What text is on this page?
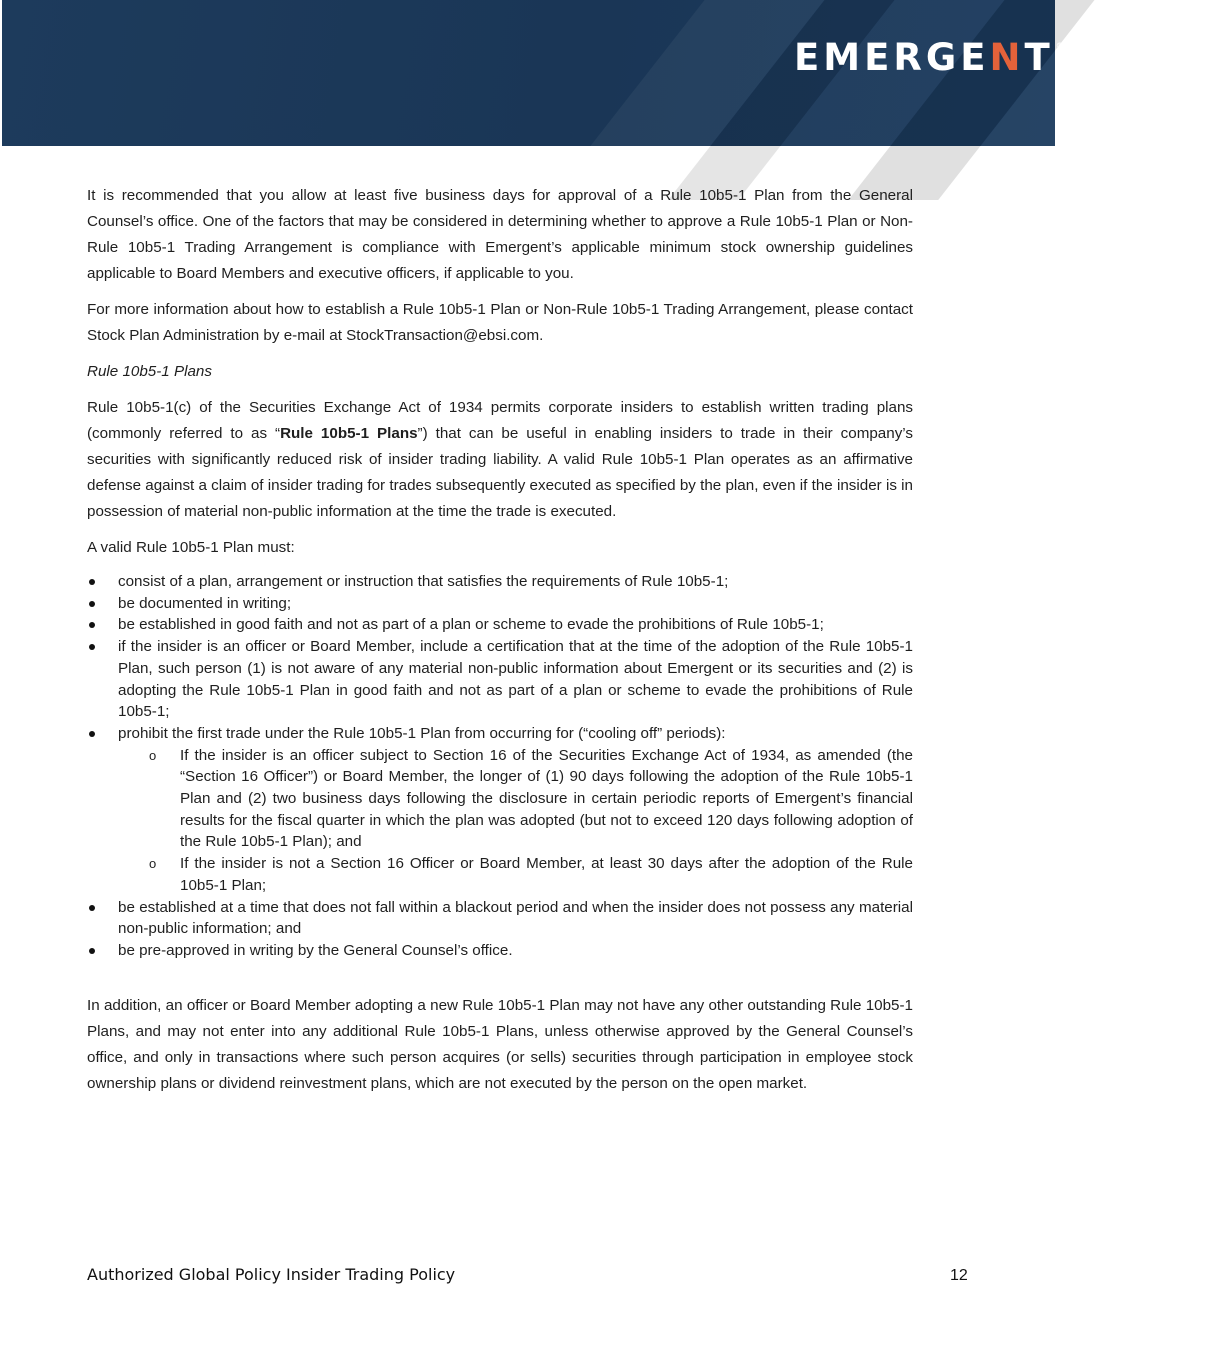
EMERGENT ®

It is recommended that you allow at least five business days for approval of a Rule 10b5-1 Plan from the General Counsel’s office. One of the factors that may be considered in determining whether to approve a Rule 10b5-1 Plan or Non-Rule 10b5-1 Trading Arrangement is compliance with Emergent’s applicable minimum stock ownership guidelines applicable to Board Members and executive officers, if applicable to you.

For more information about how to establish a Rule 10b5-1 Plan or Non-Rule 10b5-1 Trading Arrangement, please contact Stock Plan Administration by e-mail at StockTransaction@ebsi.com.

Rule 10b5-1 Plans

Rule 10b5-1(c) of the Securities Exchange Act of 1934 permits corporate insiders to establish written trading plans (commonly referred to as “Rule 10b5-1 Plans”) that can be useful in enabling insiders to trade in their company’s securities with significantly reduced risk of insider trading liability. A valid Rule 10b5-1 Plan operates as an affirmative defense against a claim of insider trading for trades subsequently executed as specified by the plan, even if the insider is in possession of material non-public information at the time the trade is executed.

A valid Rule 10b5-1 Plan must:

consist of a plan, arrangement or instruction that satisfies the requirements of Rule 10b5-1;
be documented in writing;
be established in good faith and not as part of a plan or scheme to evade the prohibitions of Rule 10b5-1;
if the insider is an officer or Board Member, include a certification that at the time of the adoption of the Rule 10b5-1 Plan, such person (1) is not aware of any material non-public information about Emergent or its securities and (2) is adopting the Rule 10b5-1 Plan in good faith and not as part of a plan or scheme to evade the prohibitions of Rule 10b5-1;
prohibit the first trade under the Rule 10b5-1 Plan from occurring for (“cooling off” periods):
o If the insider is an officer subject to Section 16 of the Securities Exchange Act of 1934, as amended (the “Section 16 Officer”) or Board Member, the longer of (1) 90 days following the adoption of the Rule 10b5-1 Plan and (2) two business days following the disclosure in certain periodic reports of Emergent’s financial results for the fiscal quarter in which the plan was adopted (but not to exceed 120 days following adoption of the Rule 10b5-1 Plan); and
o If the insider is not a Section 16 Officer or Board Member, at least 30 days after the adoption of the Rule 10b5-1 Plan;
be established at a time that does not fall within a blackout period and when the insider does not possess any material non-public information; and
be pre-approved in writing by the General Counsel’s office.

In addition, an officer or Board Member adopting a new Rule 10b5-1 Plan may not have any other outstanding Rule 10b5-1 Plans, and may not enter into any additional Rule 10b5-1 Plans, unless otherwise approved by the General Counsel’s office, and only in transactions where such person acquires (or sells) securities through participation in employee stock ownership plans or dividend reinvestment plans, which are not executed by the person on the open market.

Authorized Global Policy Insider Trading Policy	12
